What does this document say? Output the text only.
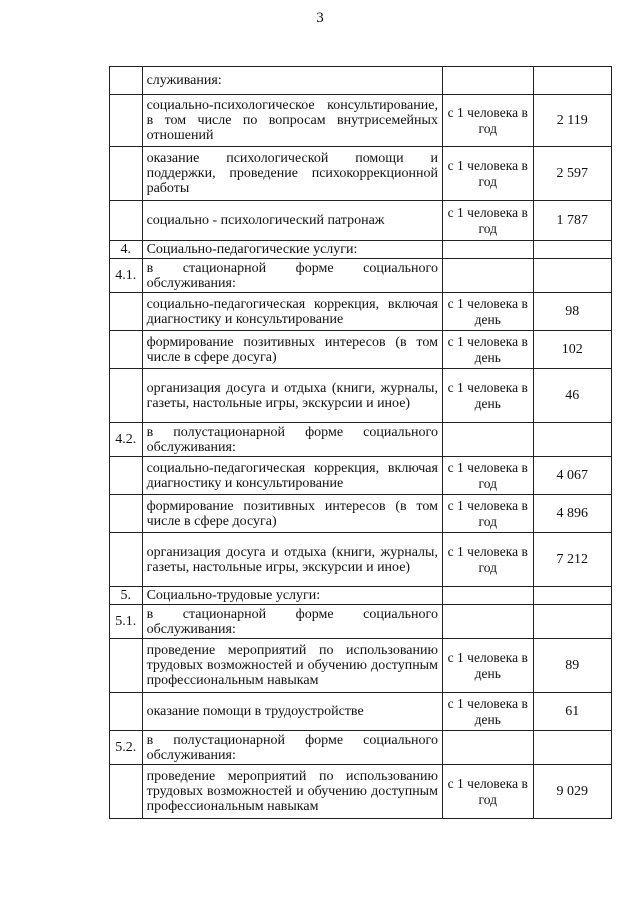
3
	служивания:		
	социально-психологическое консультирование, в том числе по вопросам внутрисемейных отношений	с 1 человека в год	2 119
	оказание психологической помощи и поддержки, проведение психокоррекционной работы	с 1 человека в год	2 597
	социально - психологический патронаж	с 1 человека в год	1 787
4.	Социально-педагогические услуги:		
4.1.	в стационарной форме социального обслуживания:		
	социально-педагогическая коррекция, включая диагностику и консультирование	с 1 человека в день	98
	формирование позитивных интересов (в том числе в сфере досуга)	с 1 человека в день	102
	организация досуга и отдыха (книги, журналы, газеты, настольные игры, экскурсии и иное)	с 1 человека в день	46
4.2.	в полустационарной форме социального обслуживания:		
	социально-педагогическая коррекция, включая диагностику и консультирование	с 1 человека в год	4 067
	формирование позитивных интересов (в том числе в сфере досуга)	с 1 человека в год	4 896
	организация досуга и отдыха (книги, журналы, газеты, настольные игры, экскурсии и иное)	с 1 человека в год	7 212
5.	Социально-трудовые услуги:		
5.1.	в стационарной форме социального обслуживания:		
	проведение мероприятий по использованию трудовых возможностей и обучению доступным профессиональным навыкам	с 1 человека в день	89
	оказание помощи в трудоустройстве	с 1 человека в день	61
5.2.	в полустационарной форме социального обслуживания:		
	проведение мероприятий по использованию трудовых возможностей и обучению доступным профессиональным навыкам	с 1 человека в год	9 029
